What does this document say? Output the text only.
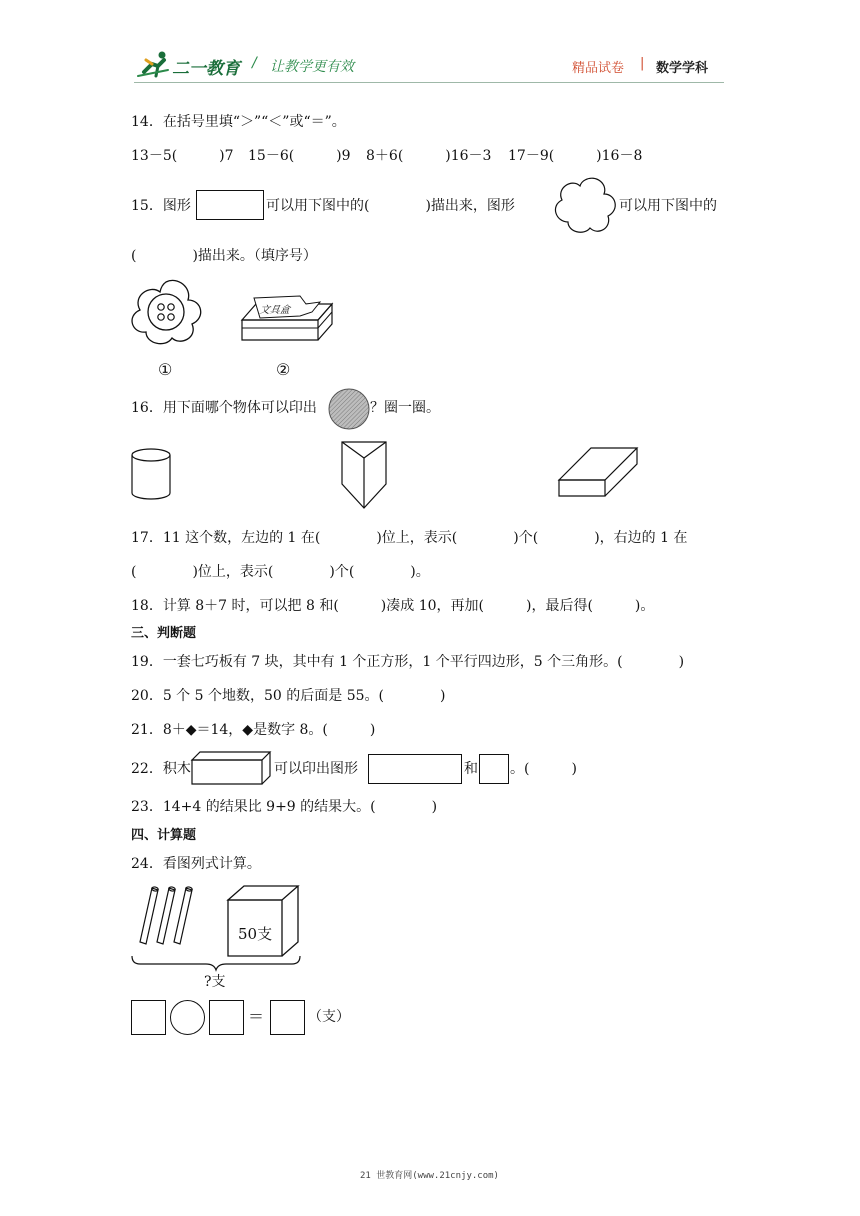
二一教育 / 让教学更有效	精品试卷 | 数学学科
14．在括号里填“＞”“＜”或“＝”。
13－5(　　　)7 15－6(　　　)9 8＋6(　　　)16－3 17－9(　　　)16－8
15．图形	可以用下图中的(　　　　)描出来，图形	可以用下图中的
(　　　　)描出来。（填序号）
文具盒
①	②
16．用下面哪个物体可以印出	？圈一圈。
17．11 这个数，左边的 1 在(　　　　)位上，表示(　　　　)个(　　　　)，右边的 1 在
(　　　　)位上，表示(　　　　)个(　　　　)。
18．计算 8＋7 时，可以把 8 和(　　　)凑成 10，再加(　　　)，最后得(　　　)。
三、判断题
19．一套七巧板有 7 块，其中有 1 个正方形，1 个平行四边形，5 个三角形。(　　　　)
20．5 个 5 个地数，50 的后面是 55。(　　　　)
21．8＋◆＝14，◆是数字 8。(　　　)
22．积木	可以印出图形	和 。(　　　)
23．14+4 的结果比 9+9 的结果大。(　　　　)
四、计算题
24．看图列式计算。
50支
?支
＝	（支）
21 世教育网(www.21cnjy.com)
